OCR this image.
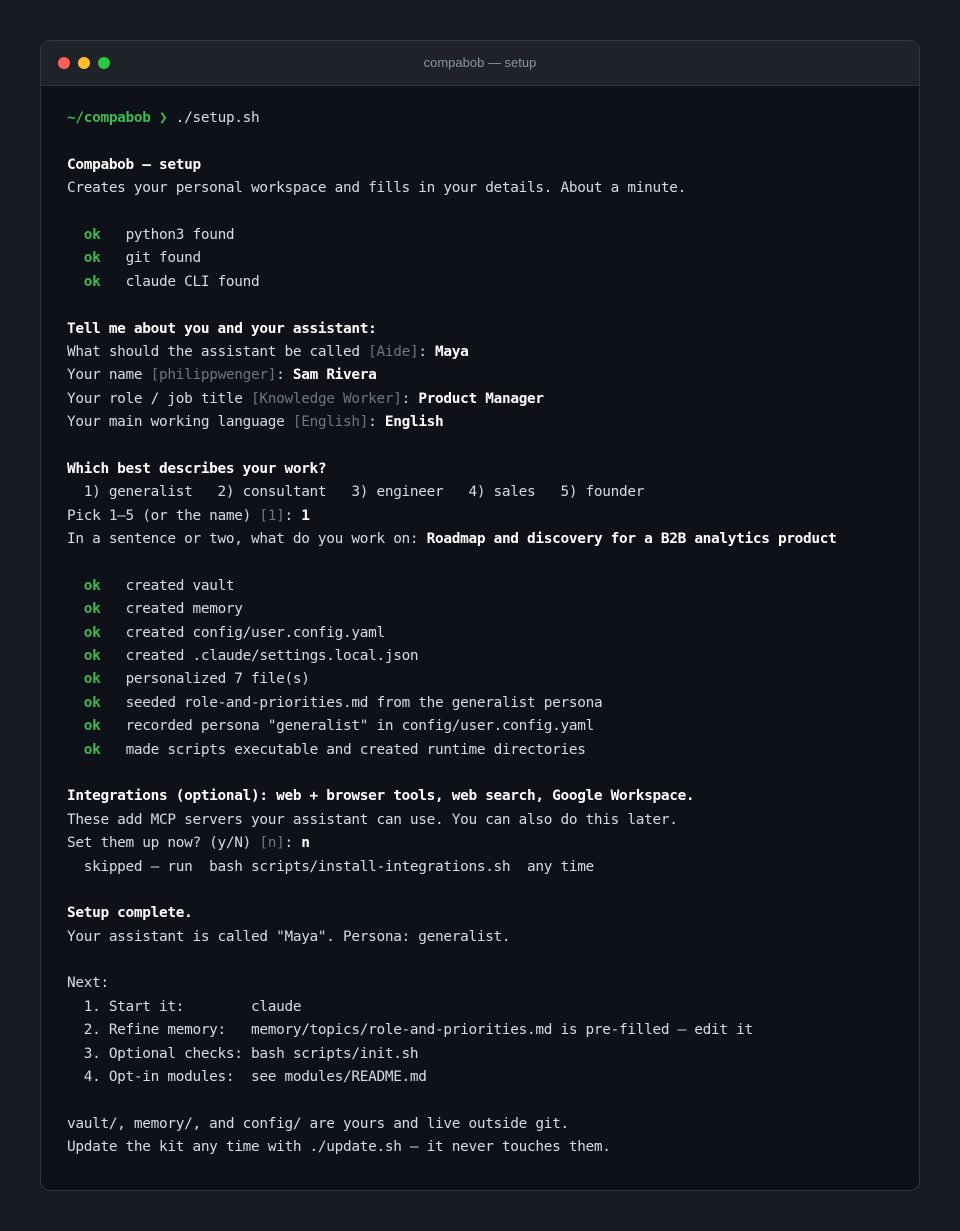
compabob — setup
~/compabob ❯ ./setup.sh
Compabob — setup
Creates your personal workspace and fills in your details. About a minute.
ok python3 found
ok git found
ok claude CLI found
Tell me about you and your assistant:
What should the assistant be called [Aide]: Maya
Your name [philippwenger]: Sam Rivera
Your role / job title [Knowledge Worker]: Product Manager
Your main working language [English]: English
Which best describes your work?
1) generalist   2) consultant   3) engineer   4) sales   5) founder
Pick 1–5 (or the name) [1]: 1
In a sentence or two, what do you work on: Roadmap and discovery for a B2B analytics product
ok created vault
ok created memory
ok created config/user.config.yaml
ok created .claude/settings.local.json
ok personalized 7 file(s)
ok seeded role-and-priorities.md from the generalist persona
ok recorded persona "generalist" in config/user.config.yaml
ok made scripts executable and created runtime directories
Integrations (optional): web + browser tools, web search, Google Workspace.
These add MCP servers your assistant can use. You can also do this later.
Set them up now? (y/N) [n]: n
skipped — run  bash scripts/install-integrations.sh  any time
Setup complete.
Your assistant is called "Maya". Persona: generalist.
Next:
1. Start it:        claude
2. Refine memory:   memory/topics/role-and-priorities.md is pre-filled — edit it
3. Optional checks: bash scripts/init.sh
4. Opt-in modules:  see modules/README.md
vault/, memory/, and config/ are yours and live outside git.
Update the kit any time with ./update.sh — it never touches them.
